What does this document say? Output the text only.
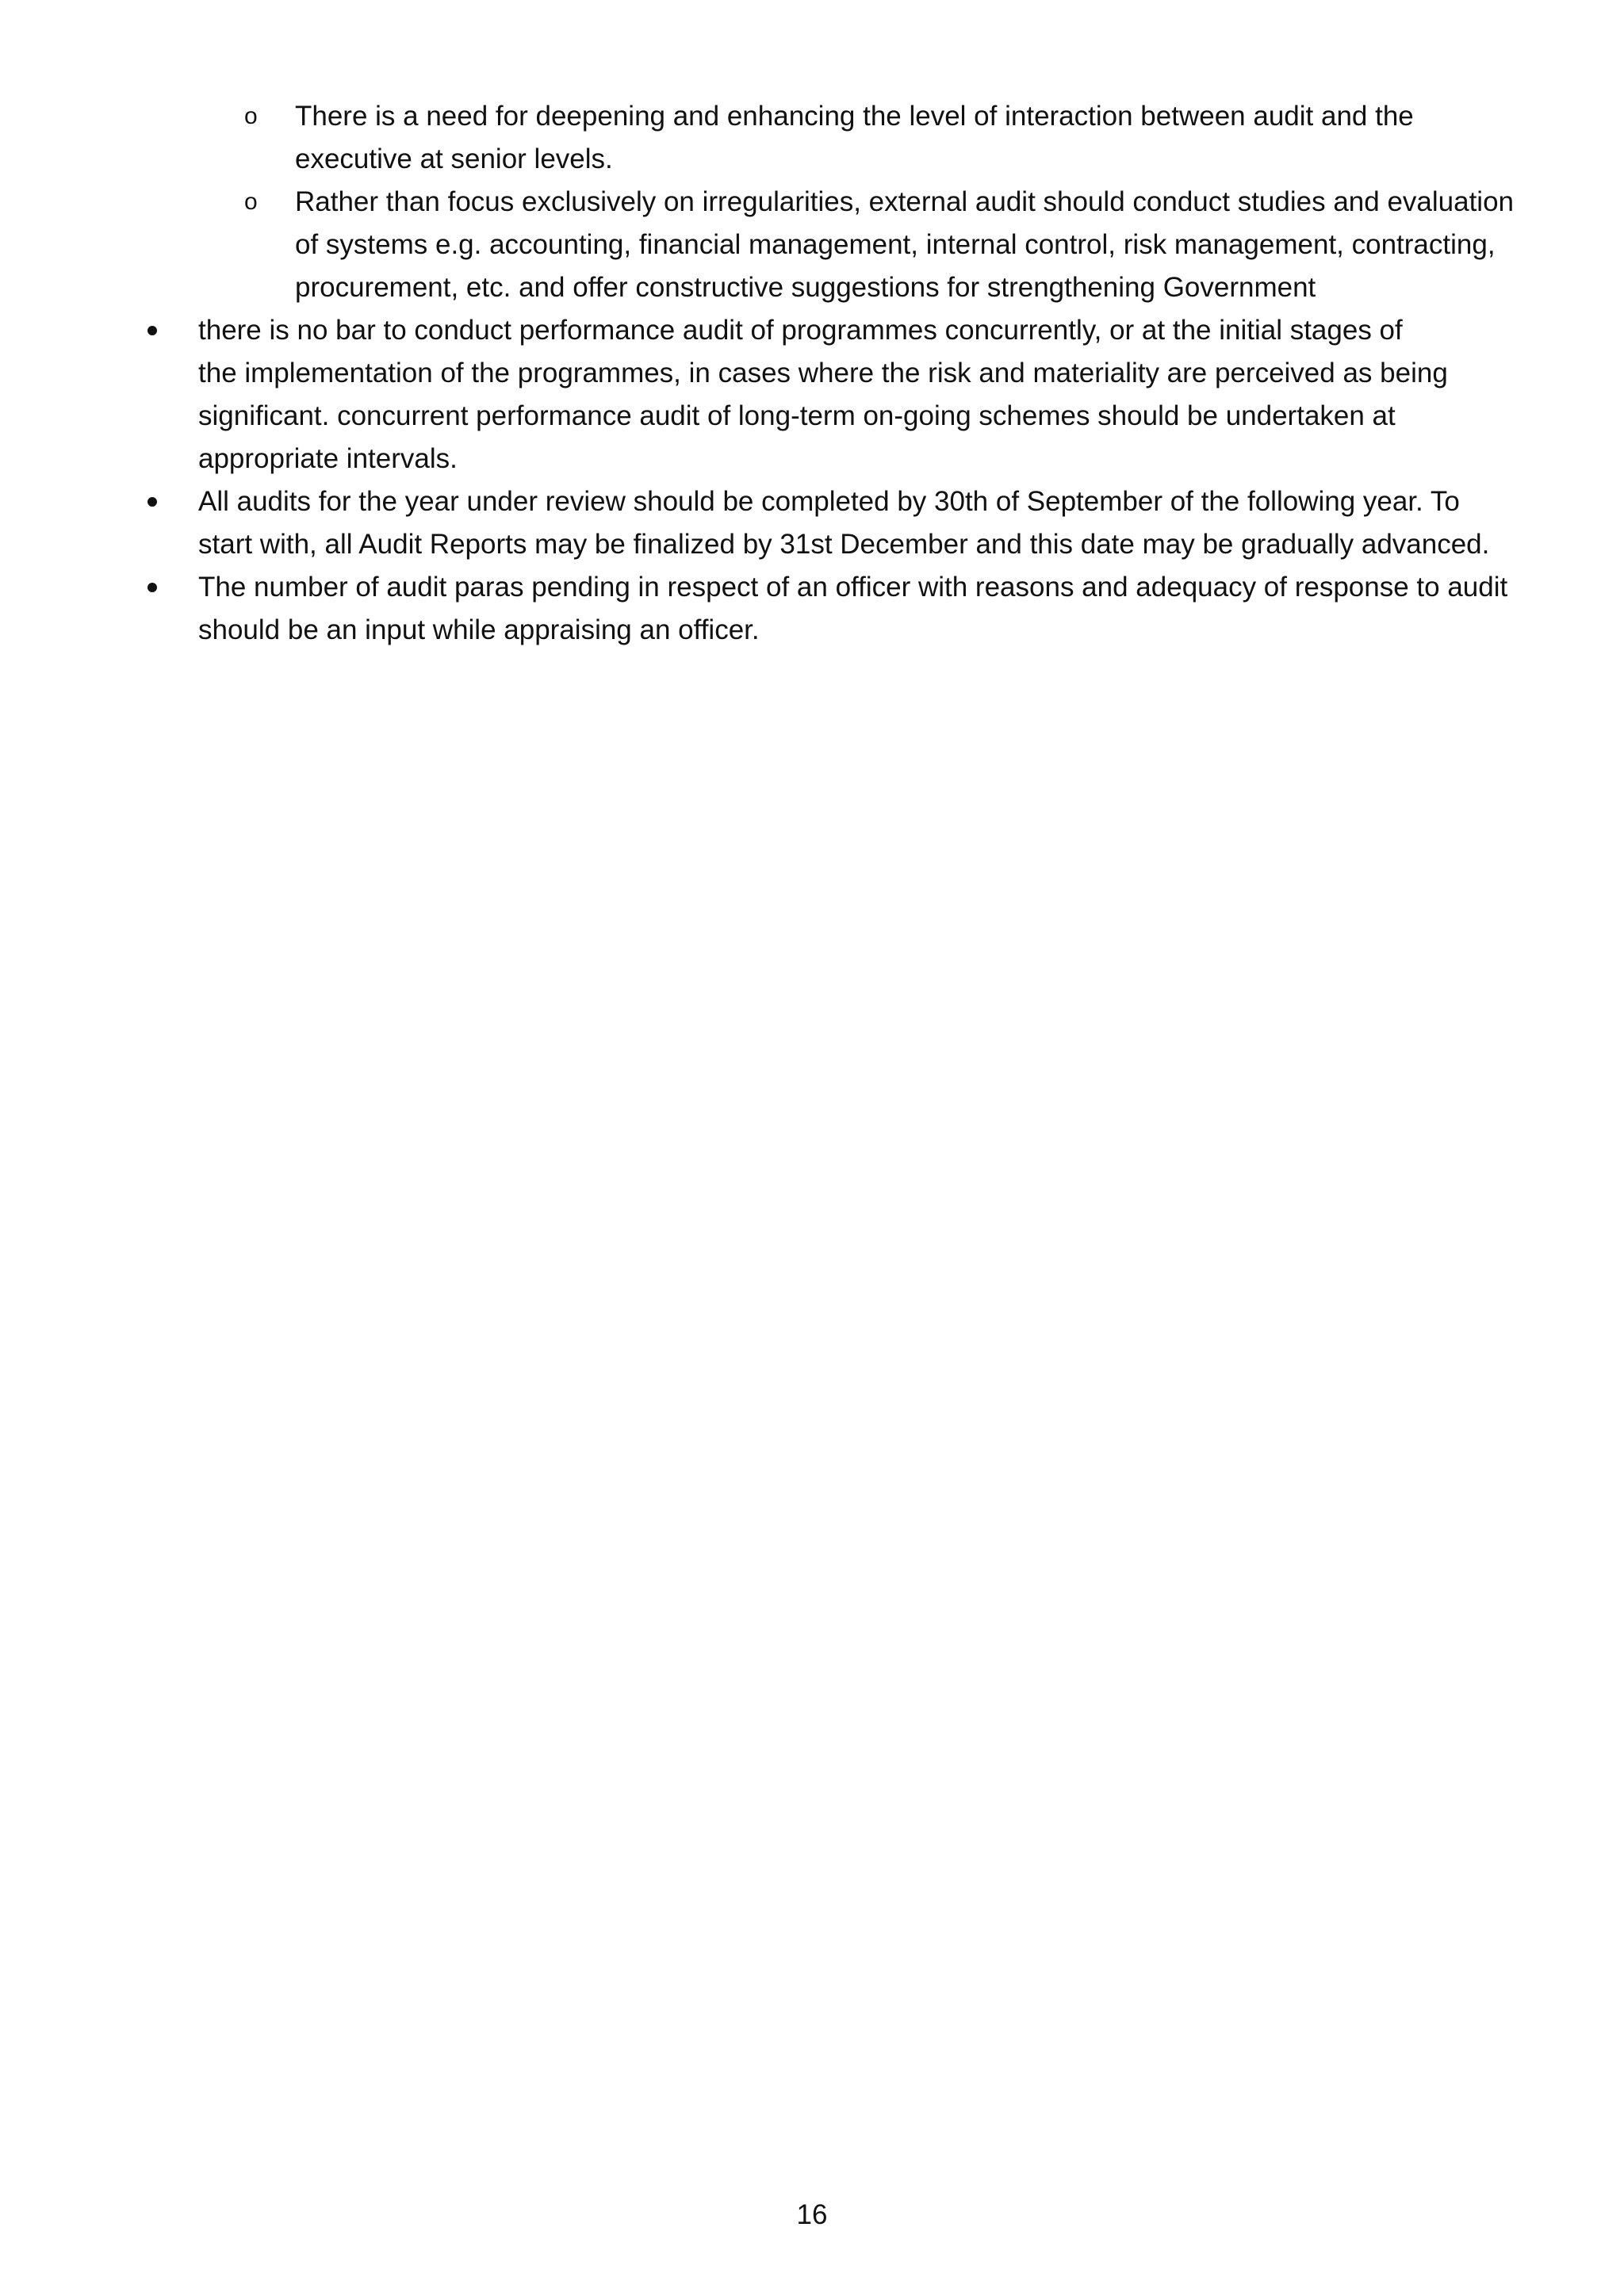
o	There is a need for deepening and enhancing the level of interaction between audit and the
executive at senior levels.
o	Rather than focus exclusively on irregularities, external audit should conduct studies and evaluation
of systems e.g. accounting, financial management, internal control, risk management, contracting,
procurement, etc. and offer constructive suggestions for strengthening Government
there is no bar to conduct performance audit of programmes concurrently, or at the initial stages of
the implementation of the programmes, in cases where the risk and materiality are perceived as being
significant. concurrent performance audit of long-term on-going schemes should be undertaken at
appropriate intervals.
All audits for the year under review should be completed by 30th of September of the following year. To
start with, all Audit Reports may be finalized by 31st December and this date may be gradually advanced.
The number of audit paras pending in respect of an officer with reasons and adequacy of response to audit
should be an input while appraising an officer.
16
